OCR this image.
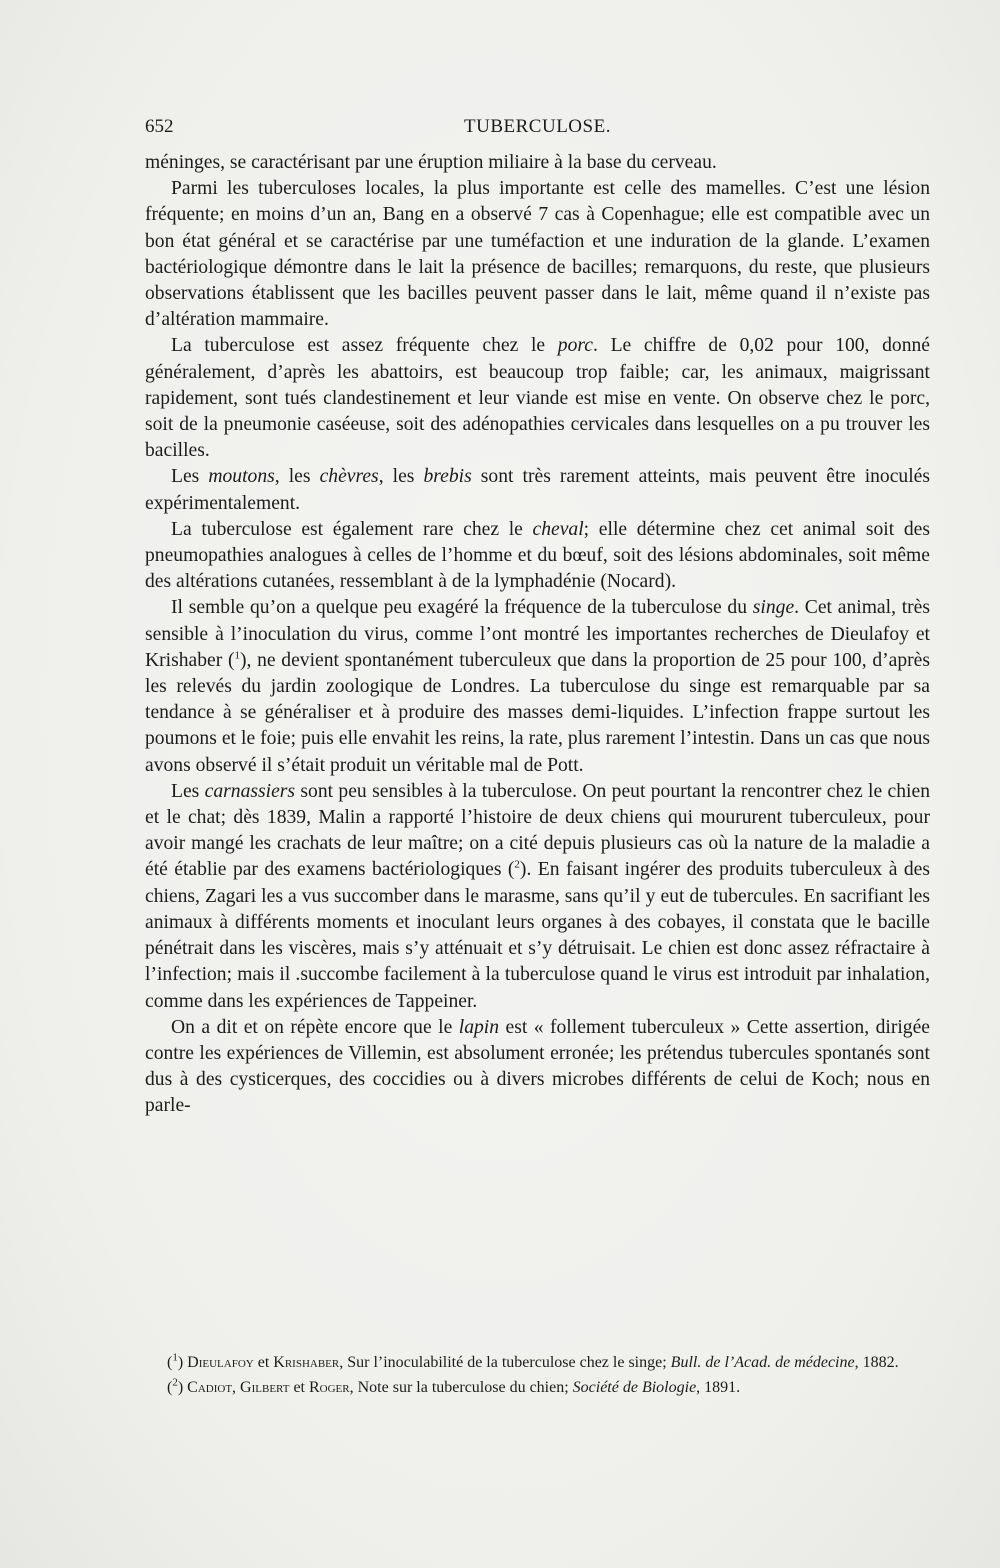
652	TUBERCULOSE.

méninges, se caractérisant par une éruption miliaire à la base du cerveau.

Parmi les tuberculoses locales, la plus importante est celle des mamelles. C’est une lésion fréquente; en moins d’un an, Bang en a observé 7 cas à Copenhague; elle est compatible avec un bon état général et se caractérise par une tuméfaction et une induration de la glande. L’examen bactériologique démontre dans le lait la présence de bacilles; remarquons, du reste, que plusieurs observations établissent que les bacilles peuvent passer dans le lait, même quand il n’existe pas d’altération mammaire.

La tuberculose est assez fréquente chez le porc. Le chiffre de 0,02 pour 100, donné généralement, d’après les abattoirs, est beaucoup trop faible; car, les animaux, maigrissant rapidement, sont tués clandestinement et leur viande est mise en vente. On observe chez le porc, soit de la pneumonie caséeuse, soit des adénopathies cervicales dans lesquelles on a pu trouver les bacilles.

Les moutons, les chèvres, les brebis sont très rarement atteints, mais peuvent être inoculés expérimentalement.

La tuberculose est également rare chez le cheval; elle détermine chez cet animal soit des pneumopathies analogues à celles de l’homme et du bœuf, soit des lésions abdominales, soit même des altérations cutanées, ressemblant à de la lymphadénie (Nocard).

Il semble qu’on a quelque peu exagéré la fréquence de la tuberculose du singe. Cet animal, très sensible à l’inoculation du virus, comme l’ont montré les importantes recherches de Dieulafoy et Krishaber ($^1$), ne devient spontanément tuberculeux que dans la proportion de 25 pour 100, d’après les relevés du jardin zoologique de Londres. La tuberculose du singe est remarquable par sa tendance à se généraliser et à produire des masses demi-liquides. L’infection frappe surtout les poumons et le foie; puis elle envahit les reins, la rate, plus rarement l’intestin. Dans un cas que nous avons observé il s’était produit un véritable mal de Pott.

Les carnassiers sont peu sensibles à la tuberculose. On peut pourtant la rencontrer chez le chien et le chat; dès 1839, Malin a rapporté l’histoire de deux chiens qui moururent tuberculeux, pour avoir mangé les crachats de leur maître; on a cité depuis plusieurs cas où la nature de la maladie a été établie par des examens bactériologiques ($^2$). En faisant ingérer des produits tuberculeux à des chiens, Zagari les a vus succomber dans le marasme, sans qu’il y eut de tubercules. En sacrifiant les animaux à différents moments et inoculant leurs organes à des cobayes, il constata que le bacille pénétrait dans les viscères, mais s’y atténuait et s’y détruisait. Le chien est donc assez réfractaire à l’infection; mais il .succombe facilement à la tuberculose quand le virus est introduit par inhalation, comme dans les expériences de Tappeiner.

On a dit et on répète encore que le lapin est « follement tuberculeux » Cette assertion, dirigée contre les expériences de Villemin, est absolument erronée; les prétendus tubercules spontanés sont dus à des cysticerques, des coccidies ou à divers microbes différents de celui de Koch; nous en parle-

($^1$) Dieulafoy et Krishaber, Sur l’inoculabilité de la tuberculose chez le singe; Bull. de l’Acad. de médecine, 1882.

($^2$) Cadiot, Gilbert et Roger, Note sur la tuberculose du chien; Société de Biologie, 1891.
